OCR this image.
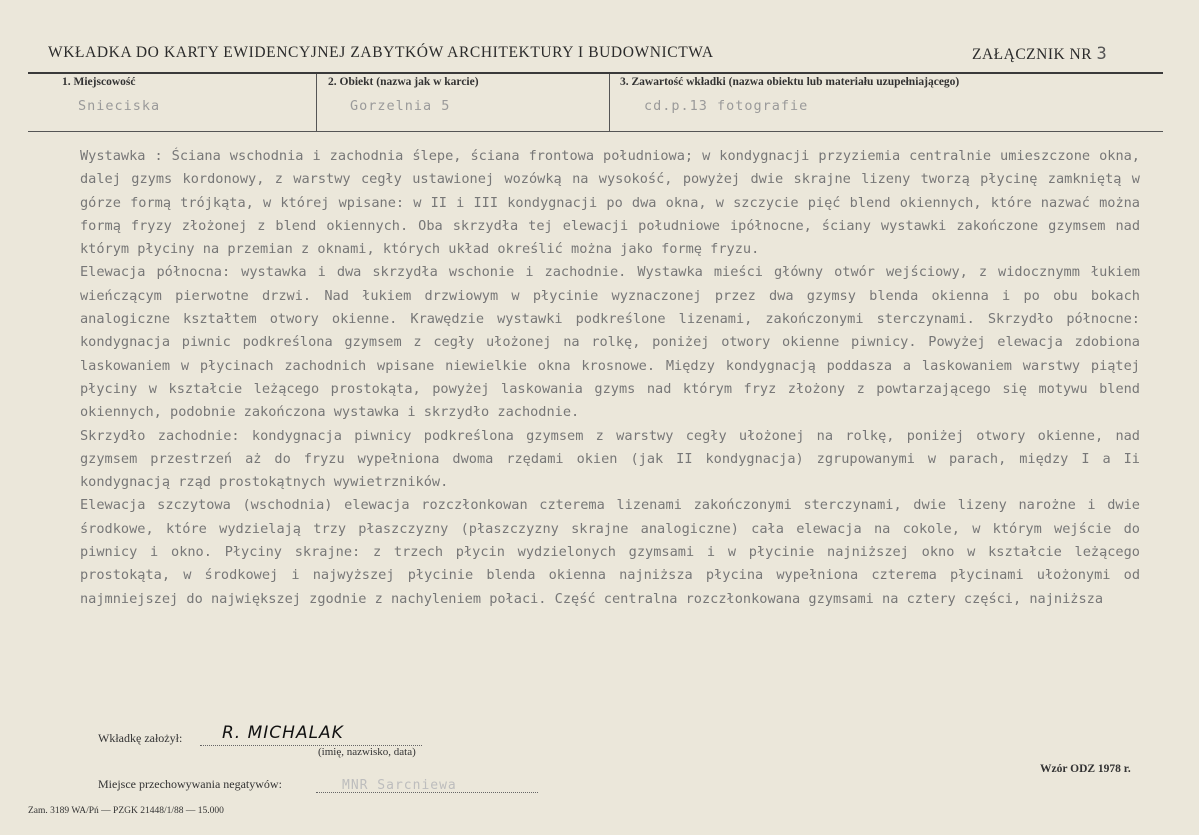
WKŁADKA DO KARTY EWIDENCYJNEJ ZABYTKÓW ARCHITEKTURY I BUDOWNICTWA	ZAŁĄCZNIK NR 3
1. Miejscowość
Snieciska
2. Obiekt (nazwa jak w karcie)
Gorzelnia 5
3. Zawartość wkładki (nazwa obiektu lub materiału uzupełniającego)
cd.p.13 fotografie

Wystawka : Ściana wschodnia i zachodnia ślepe, ściana frontowa południowa; w kondygnacji przyziemia centralnie umieszczone okna, dalej gzyms kordonowy, z warstwy cegły ustawionej wozówką na wysokość, powyżej dwie skrajne lizeny tworzą płycinę zamkniętą w górze formą trójkąta, w której wpisane: w II i III kondygnacji po dwa okna, w szczycie pięć blend okiennych, które nazwać można formą fryzy złożonej z blend okiennych. Oba skrzydła tej elewacji południowe ipółnocne, ściany wystawki zakończone gzymsem nad którym płyciny na przemian z oknami, których układ określić można jako formę fryzu.

Elewacja północna: wystawka i dwa skrzydła wschonie i zachodnie. Wystawka mieści główny otwór wejściowy, z widocznymm łukiem wieńczącym pierwotne drzwi. Nad łukiem drzwiowym w płycinie wyznaczonej przez dwa gzymsy blenda okienna i po obu bokach analogiczne kształtem otwory okienne. Krawędzie wystawki podkreślone lizenami, zakończonymi sterczynami. Skrzydło północne: kondygnacja piwnic podkreślona gzymsem z cegły ułożonej na rolkę, poniżej otwory okienne piwnicy. Powyżej elewacja zdobiona laskowaniem w płycinach zachodnich wpisane niewielkie okna krosnowe. Między kondygnacją poddasza a laskowaniem warstwy piątej płyciny w kształcie leżącego prostokąta, powyżej laskowania gzyms nad którym fryz złożony z powtarzającego się motywu blend okiennych, podobnie zakończona wystawka i skrzydło zachodnie.

Skrzydło zachodnie: kondygnacja piwnicy podkreślona gzymsem z warstwy cegły ułożonej na rolkę, poniżej otwory okienne, nad gzymsem przestrzeń aż do fryzu wypełniona dwoma rzędami okien (jak II kondygnacja) zgrupowanymi w parach, między I a Ii kondygnacją rząd prostokątnych wywietrzników.

Elewacja szczytowa (wschodnia) elewacja rozczłonkowan czterema lizenami zakończonymi sterczynami, dwie lizeny narożne i dwie środkowe, które wydzielają trzy płaszczyzny (płaszczyzny skrajne analogiczne) cała elewacja na cokole, w którym wejście do piwnicy i okno. Płyciny skrajne: z trzech płycin wydzielonych gzymsami i w płycinie najniższej okno w kształcie leżącego prostokąta, w środkowej i najwyższej płycinie blenda okienna najniższa płycina wypełniona czterema płycinami ułożonymi od najmniejszej do największej zgodnie z nachyleniem połaci. Część centralna rozczłonkowana gzymsami na cztery części, najniższa

Wkładkę założył: R. MICHALAK
(imię, nazwisko, data)
Wzór ODZ 1978 r.
Miejsce przechowywania negatywów:	MNR Sarcniewa
Zam. 3189 WA/Pń — PZGK 21448/1/88 — 15.000
